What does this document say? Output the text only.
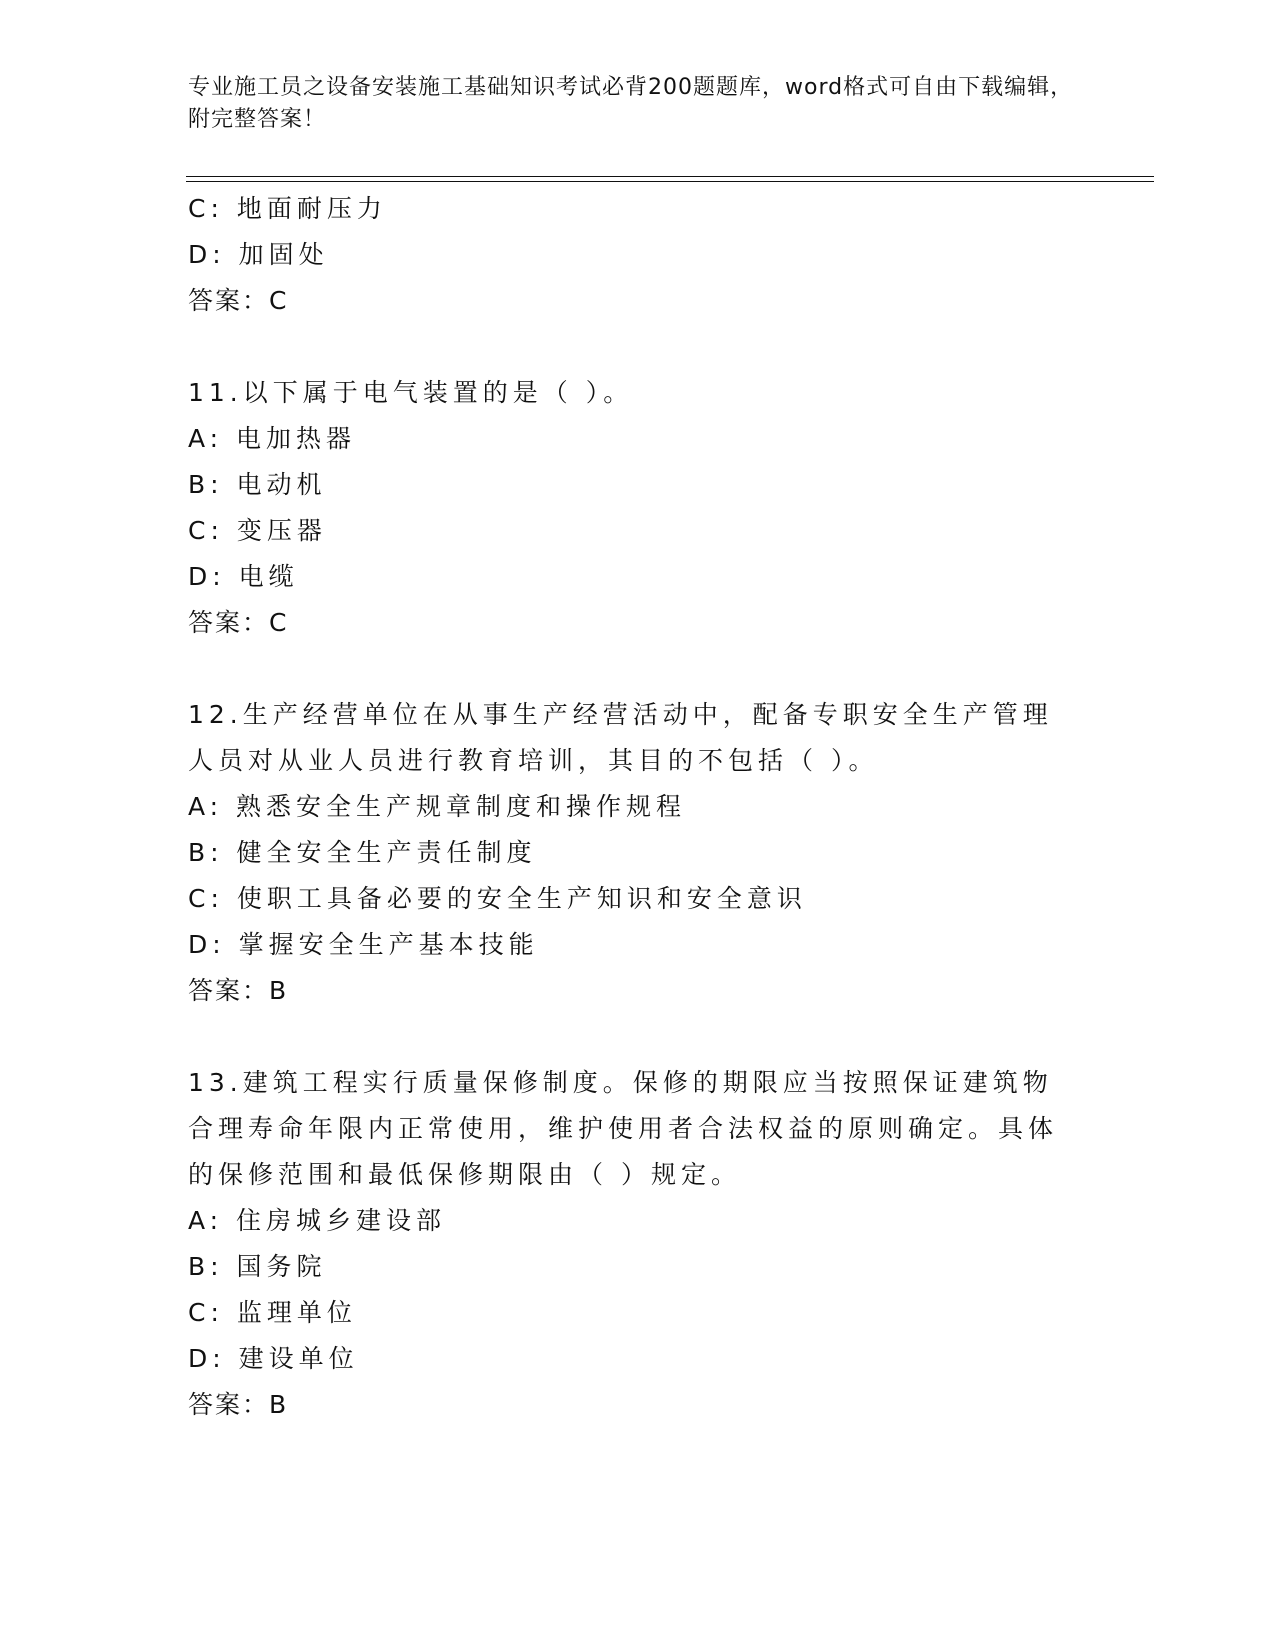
专业施工员之设备安装施工基础知识考试必背200题题库，word格式可自由下载编辑，附完整答案！
C: 地面耐压力
D: 加固处
答案：C
11.以下属于电气装置的是（ ）。
A: 电加热器
B: 电动机
C: 变压器
D: 电缆
答案：C
12.生产经营单位在从事生产经营活动中，配备专职安全生产管理人员对从业人员进行教育培训，其目的不包括（ ）。
A: 熟悉安全生产规章制度和操作规程
B: 健全安全生产责任制度
C: 使职工具备必要的安全生产知识和安全意识
D: 掌握安全生产基本技能
答案：B
13.建筑工程实行质量保修制度。保修的期限应当按照保证建筑物合理寿命年限内正常使用，维护使用者合法权益的原则确定。具体的保修范围和最低保修期限由（ ）规定。
A: 住房城乡建设部
B: 国务院
C: 监理单位
D: 建设单位
答案：B
